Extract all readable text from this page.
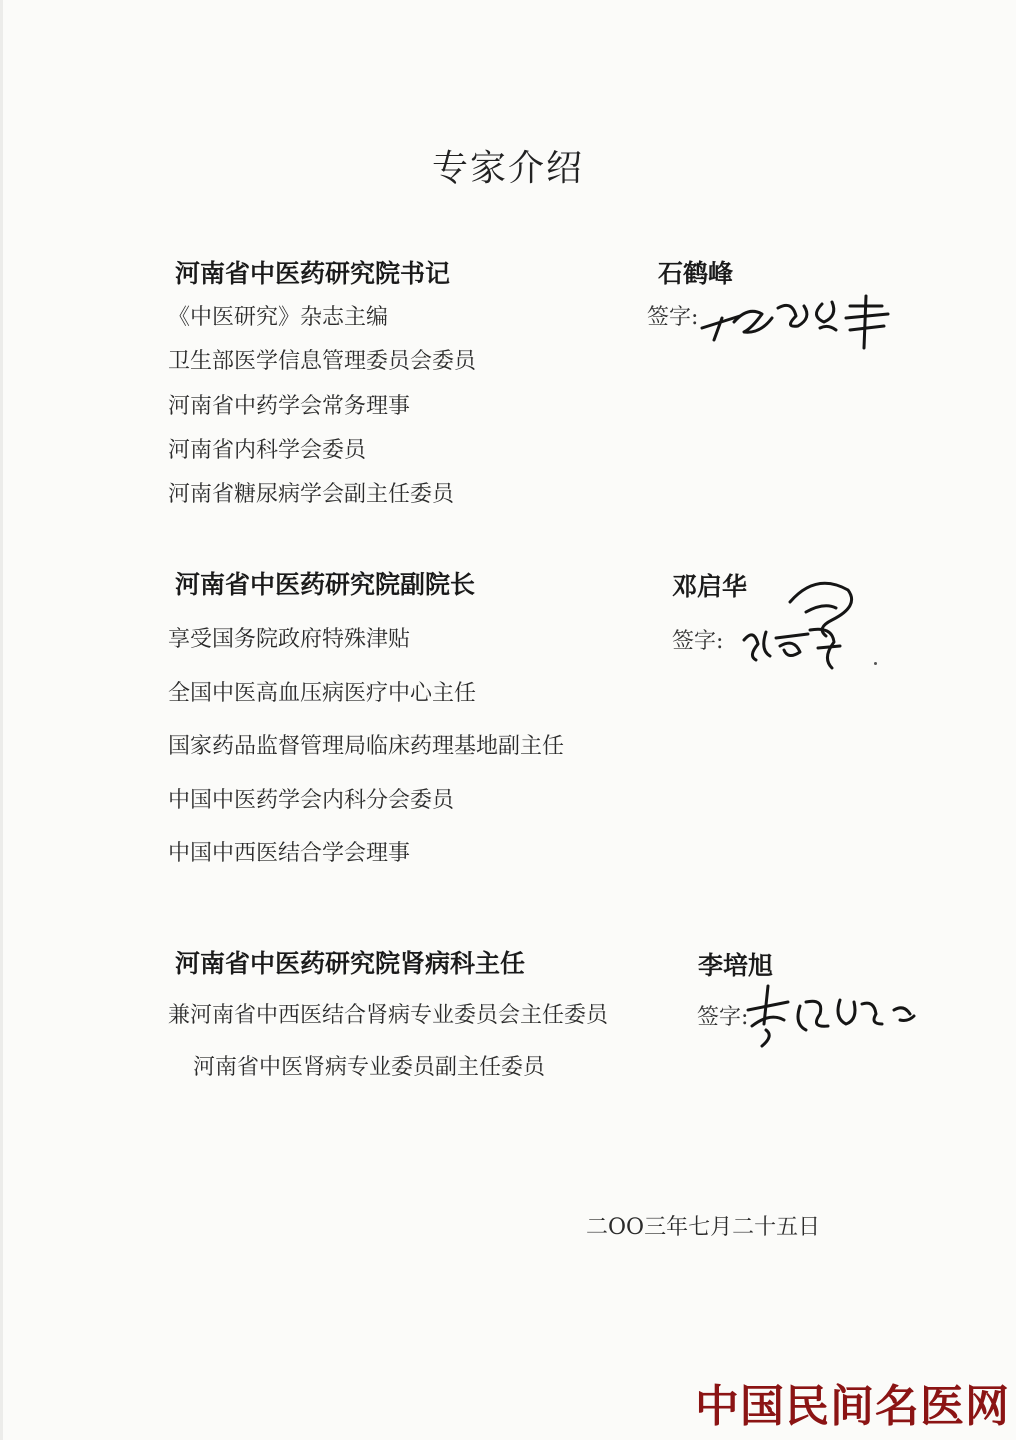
专家介绍
河南省中医药研究院书记	石鹤峰
签字:
《中医研究》杂志主编
卫生部医学信息管理委员会委员
河南省中药学会常务理事
河南省内科学会委员
河南省糖尿病学会副主任委员
河南省中医药研究院副院长	邓启华
签字:
享受国务院政府特殊津贴
全国中医高血压病医疗中心主任
国家药品监督管理局临床药理基地副主任
中国中医药学会内科分会委员
中国中西医结合学会理事
河南省中医药研究院肾病科主任	李培旭
签字:
兼河南省中西医结合肾病专业委员会主任委员
河南省中医肾病专业委员副主任委员
二OO三年七月二十五日
中国民间名医网
